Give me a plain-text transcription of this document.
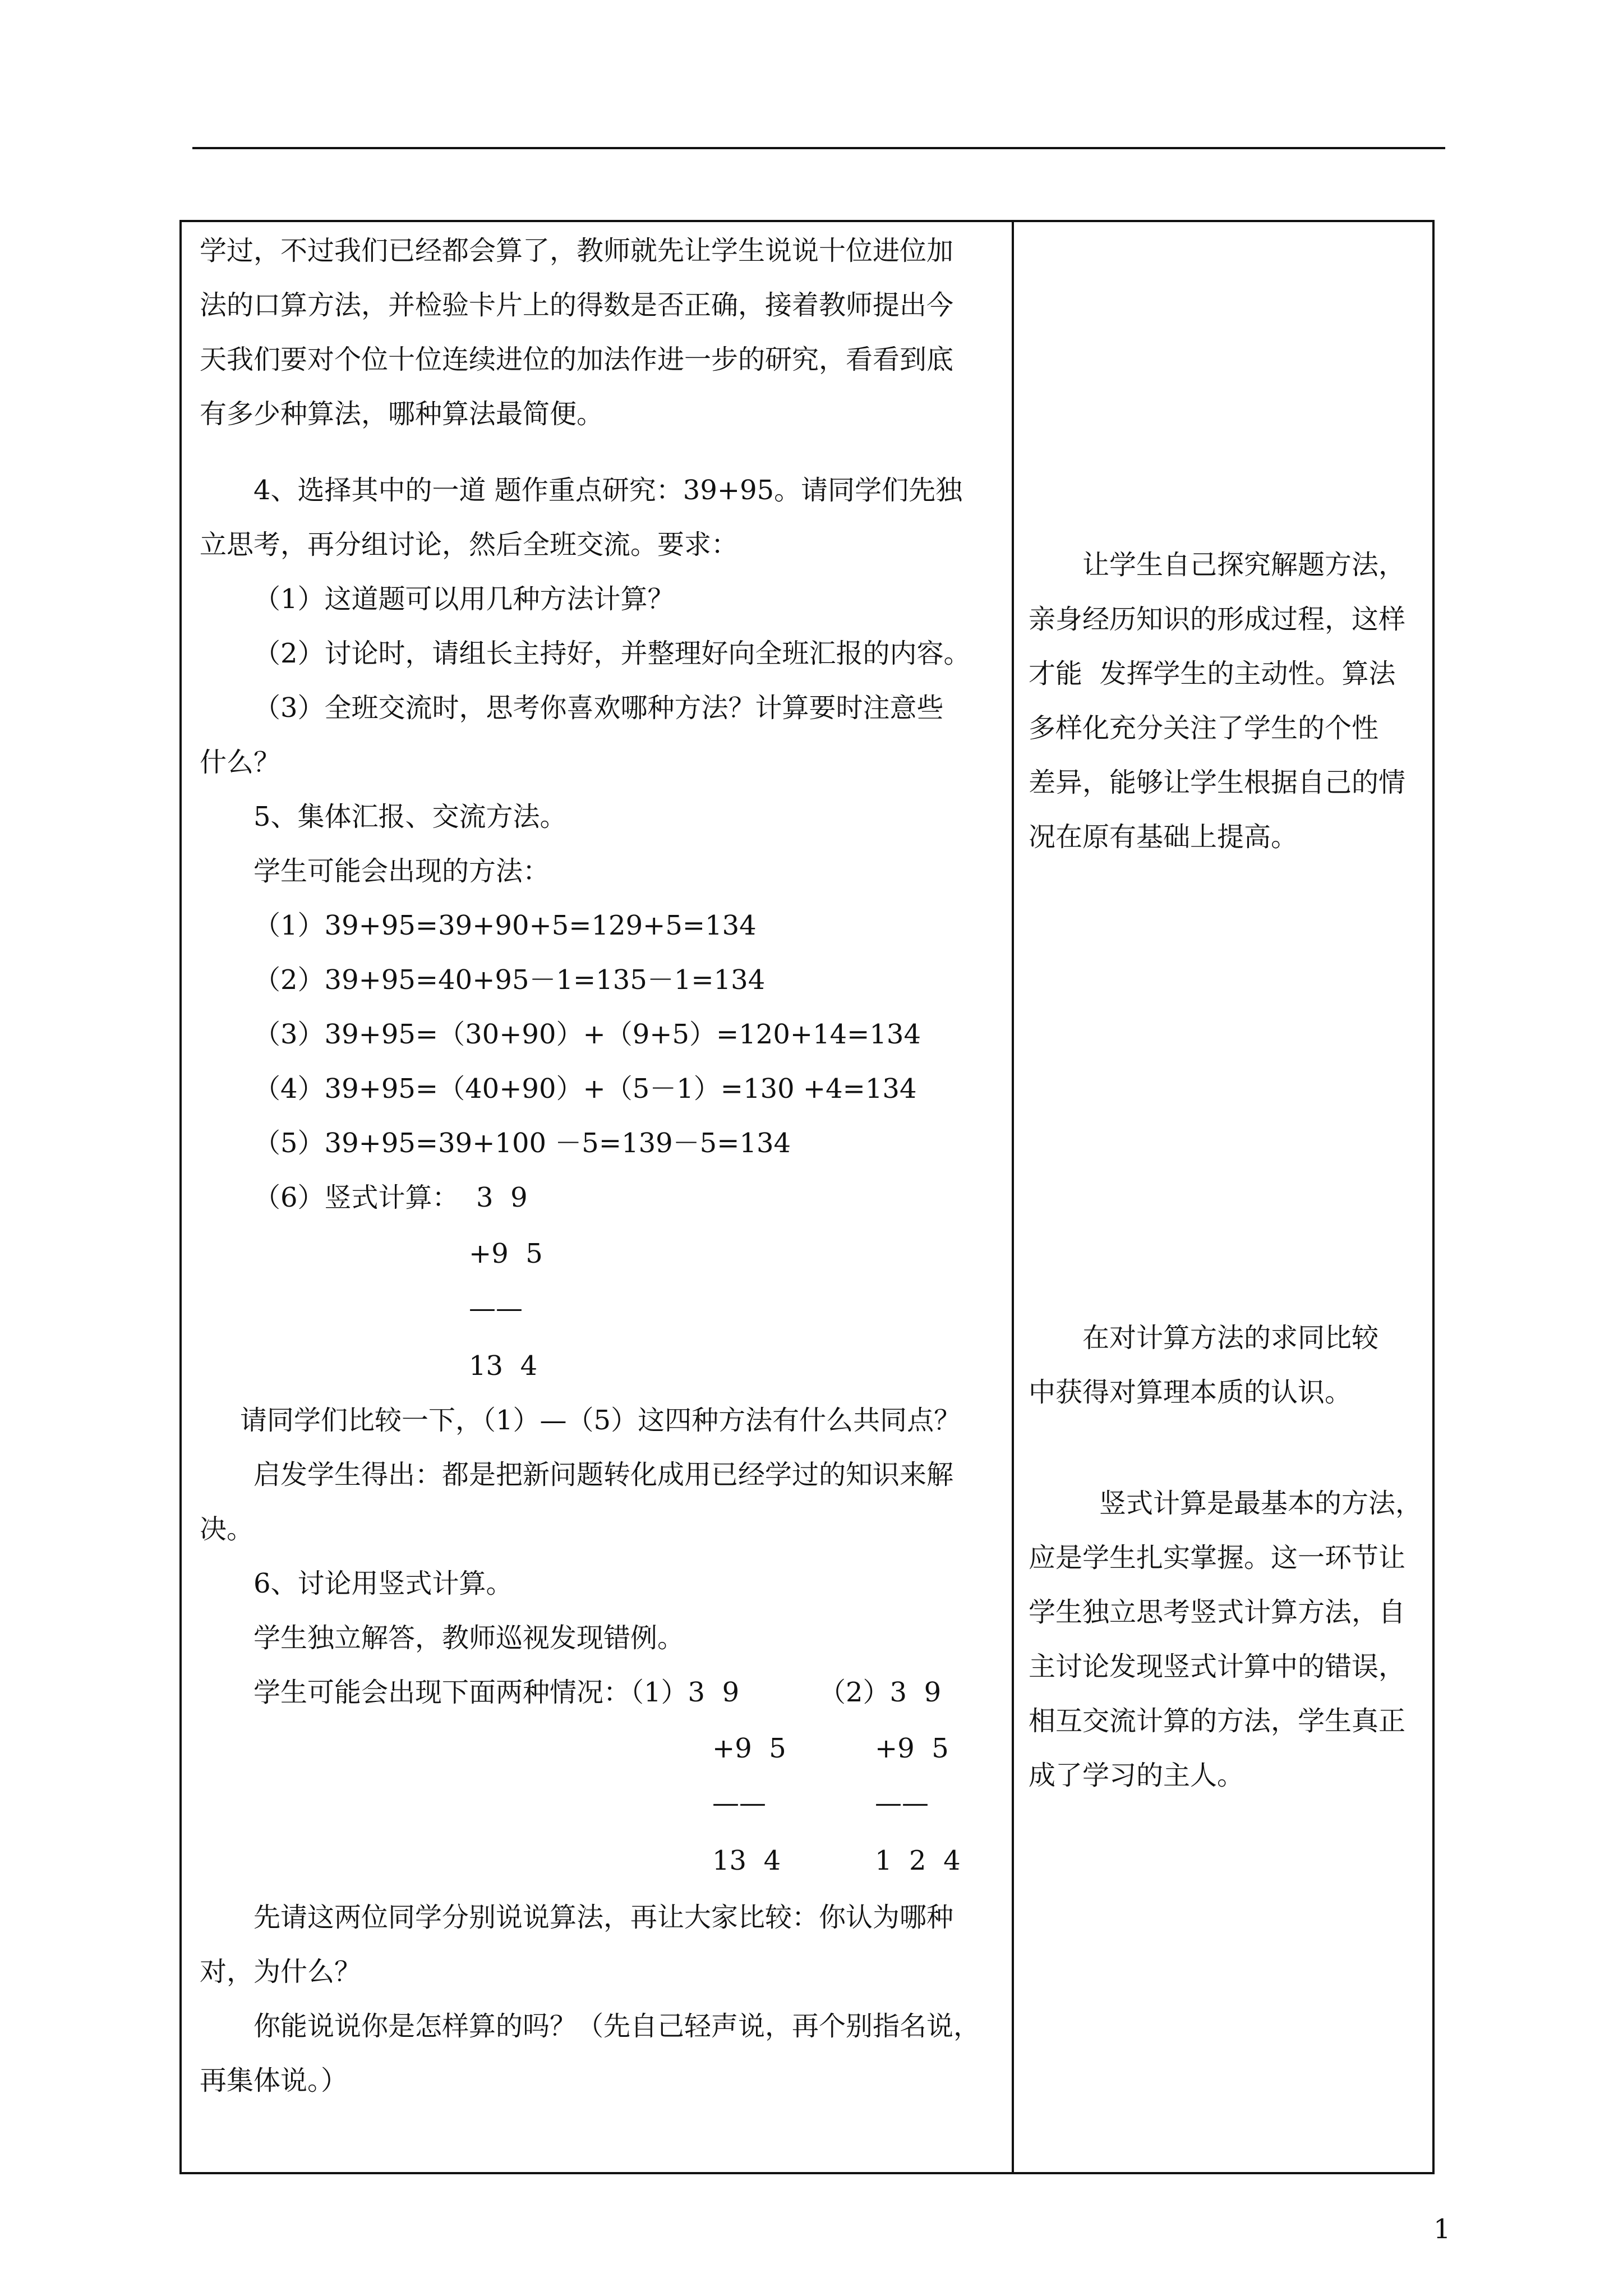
学过，不过我们已经都会算了，教师就先让学生说说十位进位加
法的口算方法，并检验卡片上的得数是否正确，接着教师提出今
天我们要对个位十位连续进位的加法作进一步的研究，看看到底
有多少种算法，哪种算法最简便。
4、选择其中的一道 题作重点研究：39+95。请同学们先独
立思考，再分组讨论，然后全班交流。要求：
（1）这道题可以用几种方法计算？
（2）讨论时，请组长主持好，并整理好向全班汇报的内容。
（3）全班交流时，思考你喜欢哪种方法？计算要时注意些
什么？
5、集体汇报、交流方法。
学生可能会出现的方法：
（1）39+95=39+90+5=129+5=134
（2）39+95=40+95－1=135－1=134
（3）39+95=（30+90）+（9+5）=120+14=134
（4）39+95=（40+90）+（5－1）=130 +4=134
（5）39+95=39+100 －5=139－5=134
（6）竖式计算：  3  9
+9  5
——
13  4
请同学们比较一下，（1）—（5）这四种方法有什么共同点？
启发学生得出：都是把新问题转化成用已经学过的知识来解
决。
6、讨论用竖式计算。
学生独立解答，教师巡视发现错例。
学生可能会出现下面两种情况：（1）3  9	（2）3  9
+9  5	+9  5
——	——
13  4	1  2  4
先请这两位同学分别说说算法，再让大家比较：你认为哪种
对，为什么？
你能说说你是怎样算的吗？（先自己轻声说，再个别指名说，
再集体说。）
让学生自己探究解题方法，
亲身经历知识的形成过程，这样
才能  发挥学生的主动性。算法
多样化充分关注了学生的个性
差异，能够让学生根据自己的情
况在原有基础上提高。
在对计算方法的求同比较
中获得对算理本质的认识。
竖式计算是最基本的方法，
应是学生扎实掌握。这一环节让
学生独立思考竖式计算方法，自
主讨论发现竖式计算中的错误，
相互交流计算的方法，学生真正
成了学习的主人。
1
